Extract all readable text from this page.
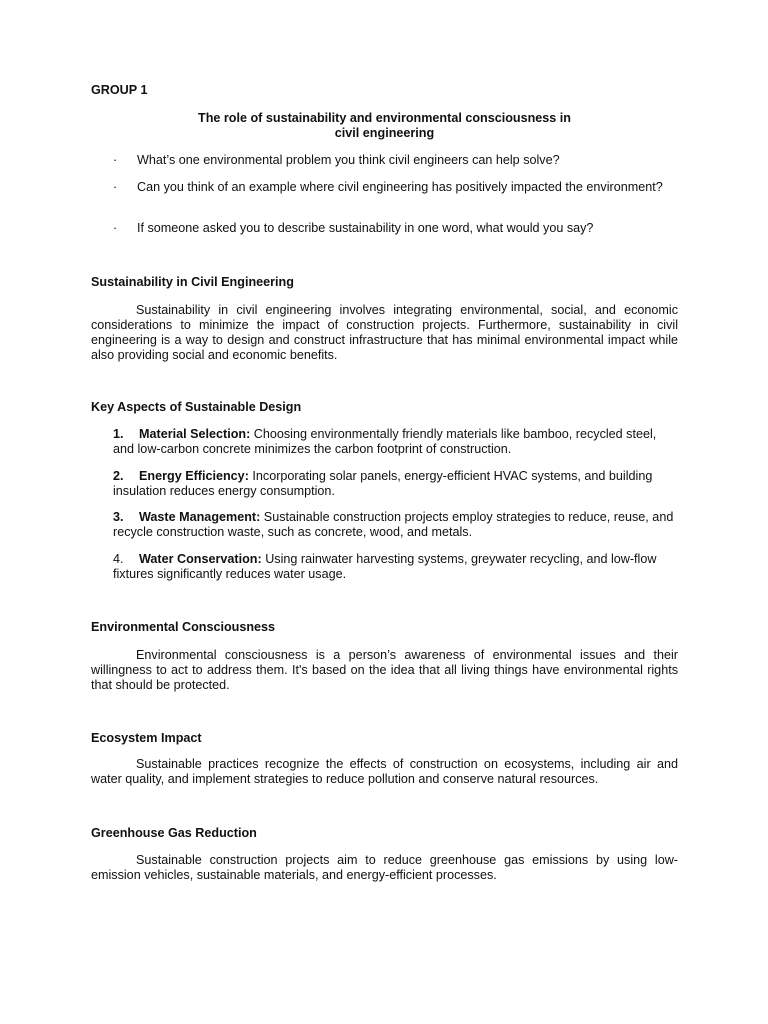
GROUP 1

The role of sustainability and environmental consciousness in
civil engineering

· What’s one environmental problem you think civil engineers can help solve?

· Can you think of an example where civil engineering has positively impacted the environment?

· If someone asked you to describe sustainability in one word, what would you say?

Sustainability in Civil Engineering

Sustainability in civil engineering involves integrating environmental, social, and economic considerations to minimize the impact of construction projects. Furthermore, sustainability in civil engineering is a way to design and construct infrastructure that has minimal environmental impact while also providing social and economic benefits.

Key Aspects of Sustainable Design

1. Material Selection: Choosing environmentally friendly materials like bamboo, recycled steel, and low-carbon concrete minimizes the carbon footprint of construction.

2. Energy Efficiency: Incorporating solar panels, energy-efficient HVAC systems, and building insulation reduces energy consumption.

3. Waste Management: Sustainable construction projects employ strategies to reduce, reuse, and recycle construction waste, such as concrete, wood, and metals.

4. Water Conservation: Using rainwater harvesting systems, greywater recycling, and low-flow fixtures significantly reduces water usage.

Environmental Consciousness

Environmental consciousness is a person’s awareness of environmental issues and their willingness to act to address them. It's based on the idea that all living things have environmental rights that should be protected.

Ecosystem Impact

Sustainable practices recognize the effects of construction on ecosystems, including air and water quality, and implement strategies to reduce pollution and conserve natural resources.

Greenhouse Gas Reduction

Sustainable construction projects aim to reduce greenhouse gas emissions by using low-emission vehicles, sustainable materials, and energy-efficient processes.
